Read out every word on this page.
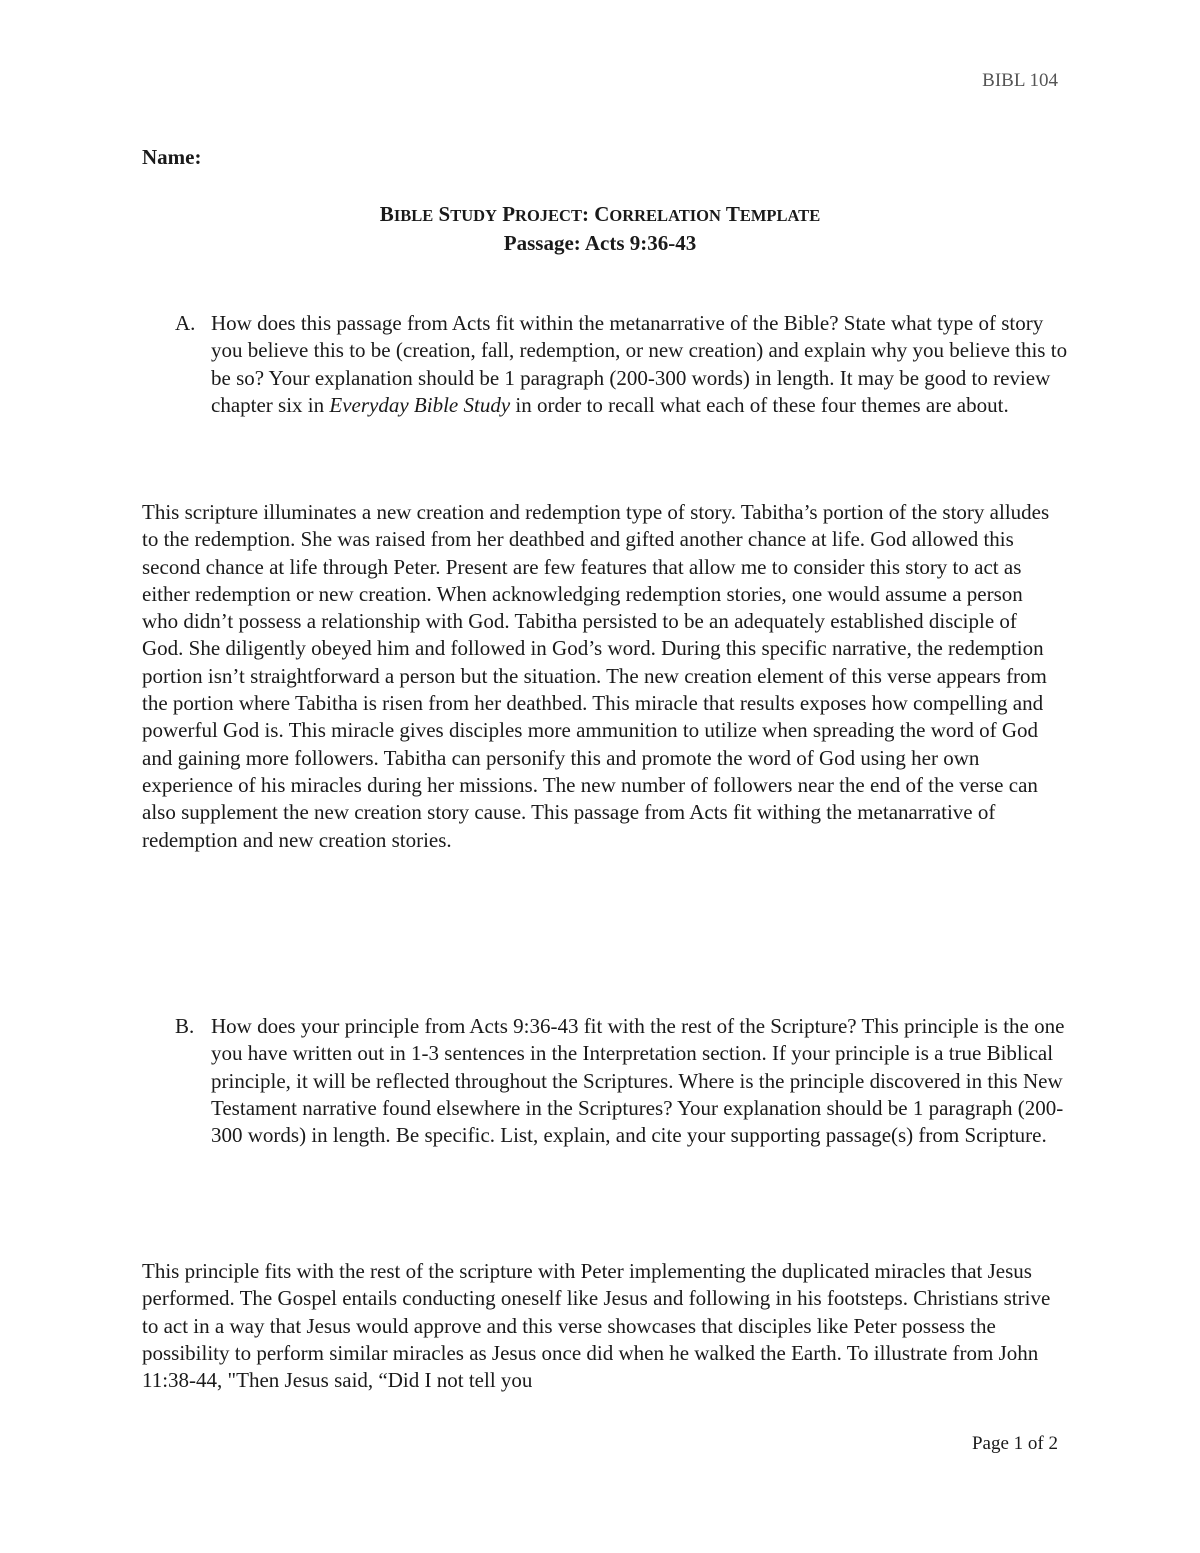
BIBL 104
Name:
BIBLE STUDY PROJECT: CORRELATION TEMPLATE
Passage: Acts 9:36-43
A. How does this passage from Acts fit within the metanarrative of the Bible? State what type of story you believe this to be (creation, fall, redemption, or new creation) and explain why you believe this to be so? Your explanation should be 1 paragraph (200-300 words) in length. It may be good to review chapter six in Everyday Bible Study in order to recall what each of these four themes are about.

This scripture illuminates a new creation and redemption type of story. Tabitha’s portion of the story alludes to the redemption. She was raised from her deathbed and gifted another chance at life. God allowed this second chance at life through Peter. Present are few features that allow me to consider this story to act as either redemption or new creation. When acknowledging redemption stories, one would assume a person who didn’t possess a relationship with God. Tabitha persisted to be an adequately established disciple of God. She diligently obeyed him and followed in God’s word. During this specific narrative, the redemption portion isn’t straightforward a person but the situation. The new creation element of this verse appears from the portion where Tabitha is risen from her deathbed. This miracle that results exposes how compelling and powerful God is. This miracle gives disciples more ammunition to utilize when spreading the word of God and gaining more followers. Tabitha can personify this and promote the word of God using her own experience of his miracles during her missions. The new number of followers near the end of the verse can also supplement the new creation story cause. This passage from Acts fit withing the metanarrative of redemption and new creation stories.

B. How does your principle from Acts 9:36-43 fit with the rest of the Scripture? This principle is the one you have written out in 1-3 sentences in the Interpretation section. If your principle is a true Biblical principle, it will be reflected throughout the Scriptures. Where is the principle discovered in this New Testament narrative found elsewhere in the Scriptures? Your explanation should be 1 paragraph (200-300 words) in length. Be specific. List, explain, and cite your supporting passage(s) from Scripture.

This principle fits with the rest of the scripture with Peter implementing the duplicated miracles that Jesus performed. The Gospel entails conducting oneself like Jesus and following in his footsteps. Christians strive to act in a way that Jesus would approve and this verse showcases that disciples like Peter possess the possibility to perform similar miracles as Jesus once did when he walked the Earth. To illustrate from John 11:38-44, "Then Jesus said, “Did I not tell you

Page 1 of 2
